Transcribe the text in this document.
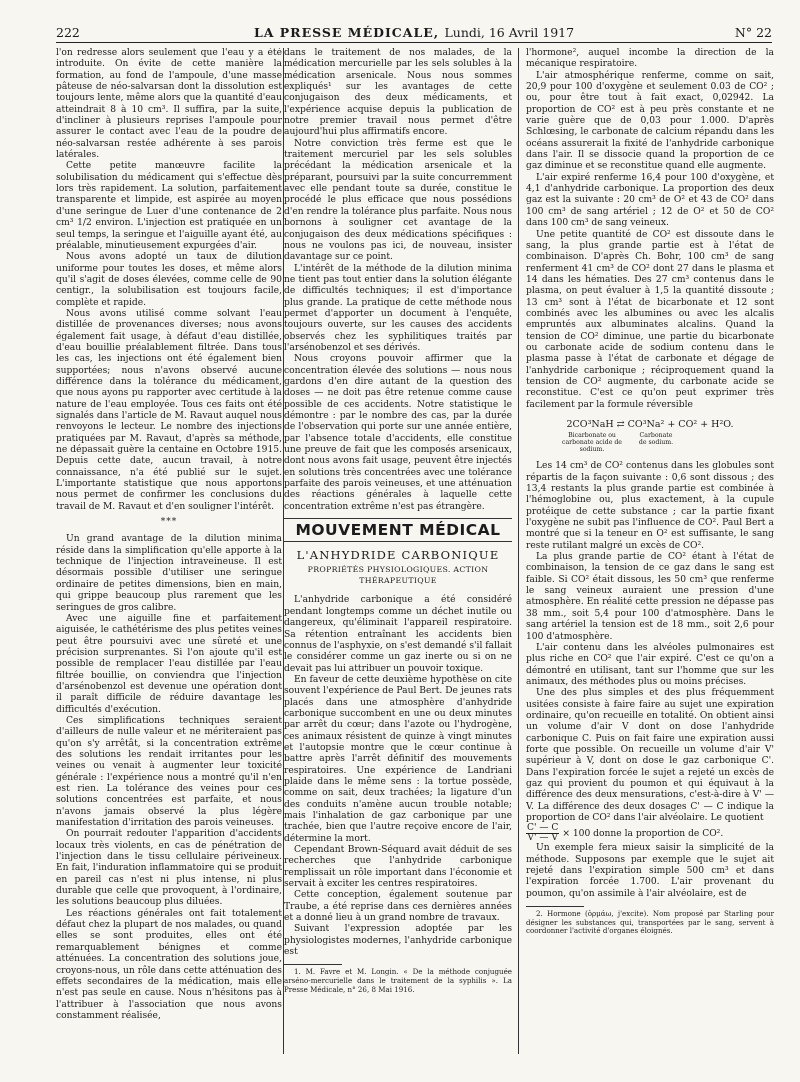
222	LA PRESSE MÉDICALE, Lundi, 16 Avril 1917	N° 22

l'on redresse alors seulement que l'eau y a été introduite. On évite de cette manière la formation, au fond de l'ampoule, d'une masse pâteuse de néo-salvarsan dont la dissolution est toujours lente, même alors que la quantité d'eau atteindrait 8 à 10 cm³. Il suffira, par la suite, d'incliner à plusieurs reprises l'ampoule pour assurer le contact avec l'eau de la poudre de néo-salvarsan restée adhérente à ses parois latérales.

Cette petite manœuvre facilite la solubilisation du médicament qui s'effectue dès lors très rapidement. La solution, parfaitement transparente et limpide, est aspirée au moyen d'une seringue de Luer d'une contenance de 2 cm³ 1/2 environ. L'injection est pratiquée en un seul temps, la seringue et l'aiguille ayant été, au préalable, minutieusement expurgées d'air.

Nous avons adopté un taux de dilution uniforme pour toutes les doses, et même alors qu'il s'agit de doses élevées, comme celle de 90 centigr., la solubilisation est toujours facile, complète et rapide.

Nous avons utilisé comme solvant l'eau distillée de provenances diverses; nous avons également fait usage, à défaut d'eau distillée, d'eau bouillie préalablement filtrée. Dans tous les cas, les injections ont été également bien supportées; nous n'avons observé aucune différence dans la tolérance du médicament, que nous ayons pu rapporter avec certitude à la nature de l'eau employée. Tous ces faits ont été signalés dans l'article de M. Ravaut auquel nous renvoyons le lecteur. Le nombre des injections pratiquées par M. Ravaut, d'après sa méthode, ne dépassait guère la centaine en Octobre 1915. Depuis cette date, aucun travail, à notre connaissance, n'a été publié sur le sujet. L'importante statistique que nous apportons nous permet de confirmer les conclusions du travail de M. Ravaut et d'en souligner l'intérêt.

***

Un grand avantage de la dilution minima réside dans la simplification qu'elle apporte à la technique de l'injection intraveineuse. Il est désormais possible d'utiliser une seringue ordinaire de petites dimensions, bien en main, qui grippe beaucoup plus rarement que les seringues de gros calibre.

Avec une aiguille fine et parfaitement aiguisée, le cathétérisme des plus petites veines peut être poursuivi avec une sûreté et une précision surprenantes. Si l'on ajoute qu'il est possible de remplacer l'eau distillée par l'eau filtrée bouillie, on conviendra que l'injection d'arsénobenzol est devenue une opération dont il paraît difficile de réduire davantage les difficultés d'exécution.

Ces simplifications techniques seraient d'ailleurs de nulle valeur et ne mériteraient pas qu'on s'y arrêtât, si la concentration extrême des solutions les rendait irritantes pour les veines ou venait à augmenter leur toxicité générale : l'expérience nous a montré qu'il n'en est rien. La tolérance des veines pour ces solutions concentrées est parfaite, et nous n'avons jamais observé la plus légère manifestation d'irritation des parois veineuses.

On pourrait redouter l'apparition d'accidents locaux très violents, en cas de pénétration de l'injection dans le tissu cellulaire périveineux. En fait, l'induration inflammatoire qui se produit en pareil cas n'est ni plus intense, ni plus durable que celle que provoquent, à l'ordinaire, les solutions beaucoup plus diluées.

Les réactions générales ont fait totalement défaut chez la plupart de nos malades, ou quand elles se sont produites, elles ont été remarquablement bénignes et comme atténuées. La concentration des solutions joue, croyons-nous, un rôle dans cette atténuation des effets secondaires de la médication, mais elle n'est pas seule en cause. Nous n'hésitons pas à l'attribuer à l'association que nous avons constamment réalisée,

dans le traitement de nos malades, de la médication mercurielle par les sels solubles à la médication arsenicale. Nous nous sommes expliqués¹ sur les avantages de cette conjugaison des deux médicaments, et l'expérience acquise depuis la publication de notre premier travail nous permet d'être aujourd'hui plus affirmatifs encore.

Notre conviction très ferme est que le traitement mercuriel par les sels solubles précédant la médication arsenicale et la préparant, poursuivi par la suite concurremment avec elle pendant toute sa durée, constitue le procédé le plus efficace que nous possédions d'en rendre la tolérance plus parfaite. Nous nous bornons à souligner cet avantage de la conjugaison des deux médications spécifiques : nous ne voulons pas ici, de nouveau, insister davantage sur ce point.

L'intérêt de la méthode de la dilution minima ne tient pas tout entier dans la solution élégante de difficultés techniques; il est d'importance plus grande. La pratique de cette méthode nous permet d'apporter un document à l'enquête, toujours ouverte, sur les causes des accidents observés chez les syphilitiques traités par l'arsénobenzol et ses dérivés.

Nous croyons pouvoir affirmer que la concentration élevée des solutions — nous nous gardons d'en dire autant de la question des doses — ne doit pas être retenue comme cause possible de ces accidents. Notre statistique le démontre : par le nombre des cas, par la durée de l'observation qui porte sur une année entière, par l'absence totale d'accidents, elle constitue une preuve de fait que les composés arsenicaux, dont nous avons fait usage, peuvent être injectés en solutions très concentrées avec une tolérance parfaite des parois veineuses, et une atténuation des réactions générales à laquelle cette concentration extrême n'est pas étrangère.

MOUVEMENT MÉDICAL
L'ANHYDRIDE CARBONIQUE
PROPRIÉTÉS PHYSIOLOGIQUES. ACTION THÉRAPEUTIQUE

L'anhydride carbonique a été considéré pendant longtemps comme un déchet inutile ou dangereux, qu'éliminait l'appareil respiratoire. Sa rétention entraînant les accidents bien connus de l'asphyxie, on s'est demandé s'il fallait le considérer comme un gaz inerte ou si on ne devait pas lui attribuer un pouvoir toxique.

En faveur de cette deuxième hypothèse on cite souvent l'expérience de Paul Bert. De jeunes rats placés dans une atmosphère d'anhydride carbonique succombent en une ou deux minutes par arrêt du cœur; dans l'azote ou l'hydrogène, ces animaux résistent de quinze à vingt minutes et l'autopsie montre que le cœur continue à battre après l'arrêt définitif des mouvements respiratoires. Une expérience de Landriani plaide dans le même sens : la tortue possède, comme on sait, deux trachées; la ligature d'un des conduits n'amène aucun trouble notable; mais l'inhalation de gaz carbonique par une trachée, bien que l'autre reçoive encore de l'air, détermine la mort.

Cependant Brown-Séquard avait déduit de ses recherches que l'anhydride carbonique remplissait un rôle important dans l'économie et servait à exciter les centres respiratoires.

Cette conception, également soutenue par Traube, a été reprise dans ces dernières années et a donné lieu à un grand nombre de travaux.

Suivant l'expression adoptée par les physiologistes modernes, l'anhydride carbonique est

1. M. Favre et M. Longin. « De la méthode conjuguée arséno-mercurielle dans le traitement de la syphilis ». La Presse Médicale, n° 26, 8 Mai 1916.

l'hormone², auquel incombe la direction de la mécanique respiratoire.

L'air atmosphérique renferme, comme on sait, 20,9 pour 100 d'oxygène et seulement 0.03 de CO² ; ou, pour être tout à fait exact, 0,02942. La proportion de CO² est à peu près constante et ne varie guère que de 0,03 pour 1.000. D'après Schlœsing, le carbonate de calcium répandu dans les océans assurerait la fixité de l'anhydride carbonique dans l'air. Il se dissocie quand la proportion de ce gaz diminue et se reconstitue quand elle augmente.

L'air expiré renferme 16,4 pour 100 d'oxygène, et 4,1 d'anhydride carbonique. La proportion des deux gaz est la suivante : 20 cm³ de O² et 43 de CO² dans 100 cm³ de sang artériel ; 12 de O² et 50 de CO² dans 100 cm³ de sang veineux.

Une petite quantité de CO² est dissoute dans le sang, la plus grande partie est à l'état de combinaison. D'après Ch. Bohr, 100 cm³ de sang renferment 41 cm³ de CO² dont 27 dans le plasma et 14 dans les hématies. Des 27 cm³ contenus dans le plasma, on peut évaluer à 1,5 la quantité dissoute ; 13 cm³ sont à l'état de bicarbonate et 12 sont combinés avec les albumines ou avec les alcalis empruntés aux albuminates alcalins. Quand la tension de CO² diminue, une partie du bicarbonate ou carbonate acide de sodium contenu dans le plasma passe à l'état de carbonate et dégage de l'anhydride carbonique ; réciproquement quand la tension de CO² augmente, du carbonate acide se reconstitue. C'est ce qu'on peut exprimer très facilement par la formule réversible

2CO³NaH ⇄ CO³Na² + CO² + H²O.
Bicarbonate ou carbonate acide de sodium.
Carbonate de sodium.

Les 14 cm³ de CO² contenus dans les globules sont répartis de la façon suivante : 0,6 sont dissous ; des 13,4 restants la plus grande partie est combinée à l'hémoglobine ou, plus exactement, à la cupule protéique de cette substance ; car la partie fixant l'oxygène ne subit pas l'influence de CO². Paul Bert a montré que si la teneur en O² est suffisante, le sang reste rutilant malgré un excès de CO².

La plus grande partie de CO² étant à l'état de combinaison, la tension de ce gaz dans le sang est faible. Si CO² était dissous, les 50 cm³ que renferme le sang veineux auraient une pression d'une atmosphère. En réalité cette pression ne dépasse pas 38 mm., soit 5,4 pour 100 d'atmosphère. Dans le sang artériel la tension est de 18 mm., soit 2,6 pour 100 d'atmosphère.

L'air contenu dans les alvéoles pulmonaires est plus riche en CO² que l'air expiré. C'est ce qu'on a démontré en utilisant, tant sur l'homme que sur les animaux, des méthodes plus ou moins précises.

Une des plus simples et des plus fréquemment usitées consiste à faire faire au sujet une expiration ordinaire, qu'on recueille en totalité. On obtient ainsi un volume d'air V dont on dose l'anhydride carbonique C. Puis on fait faire une expiration aussi forte que possible. On recueille un volume d'air V' supérieur à V, dont on dose le gaz carbonique C'. Dans l'expiration forcée le sujet a rejeté un excès de gaz qui provient du poumon et qui équivaut à la différence des deux mensurations, c'est-à-dire à V' — V. La différence des deux dosages C' — C indique la proportion de CO² dans l'air alvéolaire. Le quotient

$\frac{C' — C}{V' — V} \times 100$ donne la proportion de CO².

Un exemple fera mieux saisir la simplicité de la méthode. Supposons par exemple que le sujet ait rejeté dans l'expiration simple 500 cm³ et dans l'expiration forcée 1.700. L'air provenant du poumon, qu'on assimile à l'air alvéolaire, est de

2. Hormone (ὁρμάω, j'excite). Nom proposé par Starling pour désigner les substances qui, transportées par le sang, servent à coordonner l'activité d'organes éloignés.
